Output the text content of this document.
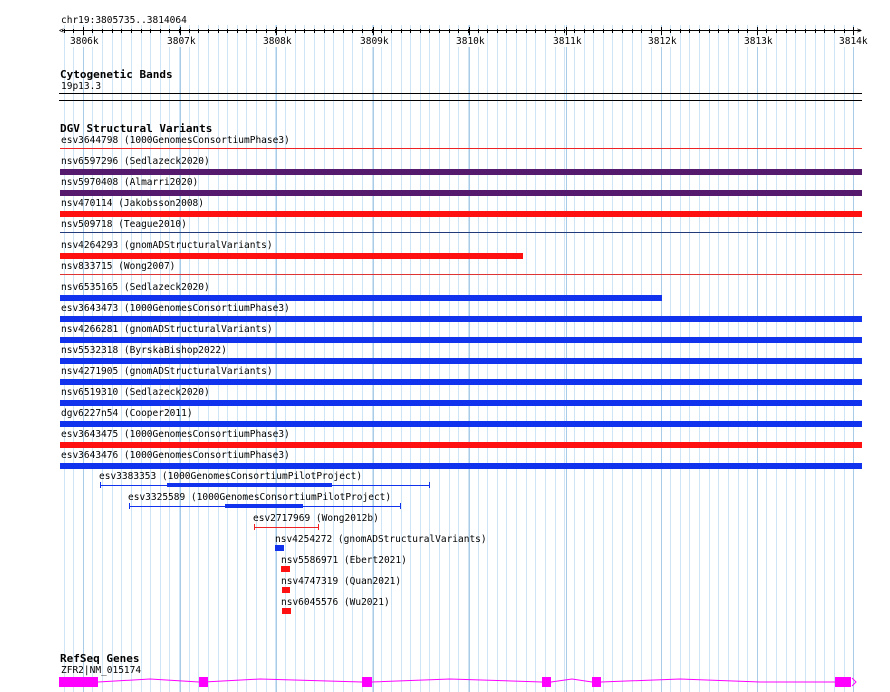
chr19:3805735..3814064
<	>
3806k	3807k	3808k	3809k	3810k	3811k	3812k	3813k	3814k
Cytogenetic Bands
19p13.3
DGV Structural Variants
esv3644798 (1000GenomesConsortiumPhase3)
nsv6597296 (Sedlazeck2020)
nsv5970408 (Almarri2020)
nsv470114 (Jakobsson2008)
nsv509718 (Teague2010)
nsv4264293 (gnomADStructuralVariants)
nsv833715 (Wong2007)
nsv6535165 (Sedlazeck2020)
esv3643473 (1000GenomesConsortiumPhase3)
nsv4266281 (gnomADStructuralVariants)
nsv5532318 (ByrskaBishop2022)
nsv4271905 (gnomADStructuralVariants)
nsv6519310 (Sedlazeck2020)
dgv6227n54 (Cooper2011)
esv3643475 (1000GenomesConsortiumPhase3)
esv3643476 (1000GenomesConsortiumPhase3)
esv3383353 (1000GenomesConsortiumPilotProject)
esv3325589 (1000GenomesConsortiumPilotProject)
esv2717969 (Wong2012b)
nsv4254272 (gnomADStructuralVariants)
nsv5586971 (Ebert2021)
nsv4747319 (Quan2021)
nsv6045576 (Wu2021)
RefSeq Genes
ZFR2|NM_015174
